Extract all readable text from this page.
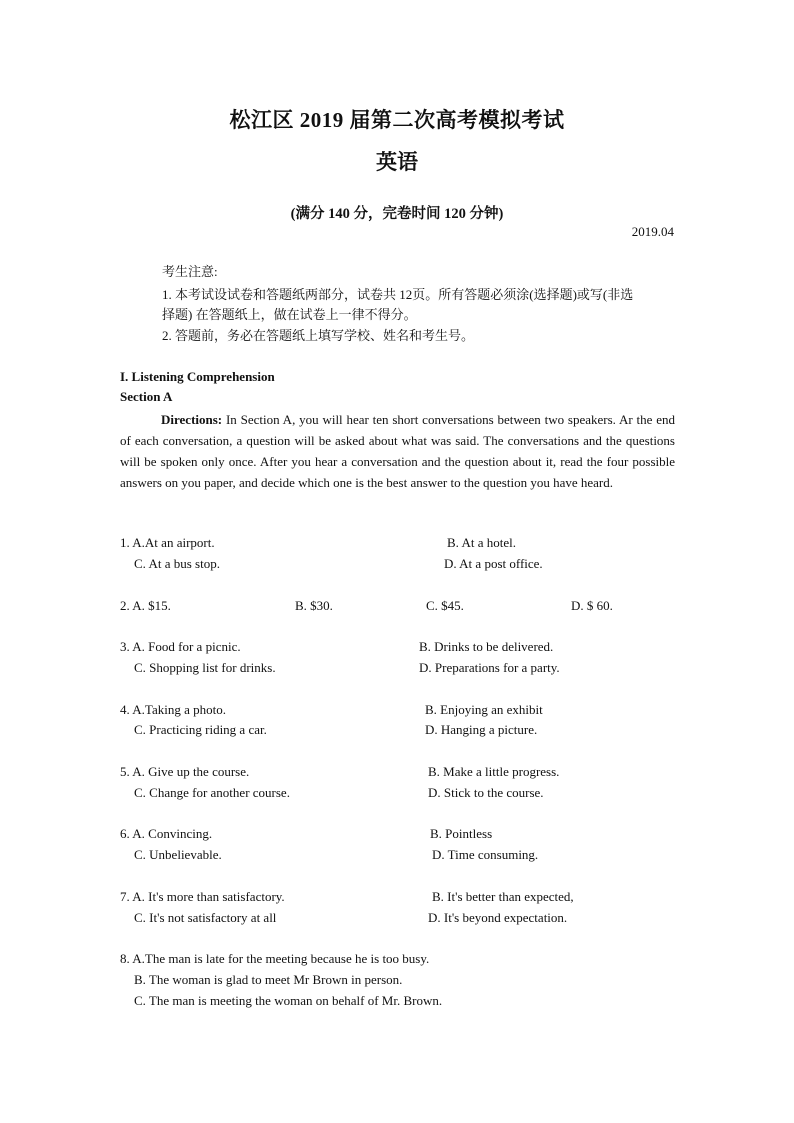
松江区 2019 届第二次高考模拟考试
英语
(满分 140 分，完卷时间 120 分钟)
2019.04
考生注意:
1. 本考试设试卷和答题纸两部分，试卷共 12页。所有答题必须涂(选择题)或写(非选
择题) 在答题纸上，做在试卷上一律不得分。
2. 答题前，务必在答题纸上填写学校、姓名和考生号。
I. Listening Comprehension
Section A
Directions: In Section A, you will hear ten short conversations between two speakers. Ar the end of each conversation, a question will be asked about what was said. The conversations and the questions will be spoken only once. After you hear a conversation and the question about it, read the four possible answers on you paper, and decide which one is the best answer to the question you have heard.
1. A.At an airport.	B. At a hotel.
C. At a bus stop.	D. At a post office.
2. A. $15.	B. $30.	C. $45.	D. $ 60.
3. A. Food for a picnic.	B. Drinks to be delivered.
C. Shopping list for drinks.	D. Preparations for a party.
4. A.Taking a photo.	B. Enjoying an exhibit
C. Practicing riding a car.	D. Hanging a picture.
5. A. Give up the course.	B. Make a little progress.
C. Change for another course.	D. Stick to the course.
6. A. Convincing.	B. Pointless
C. Unbelievable.	D. Time consuming.
7. A. It's more than satisfactory.	B. It's better than expected,
C. It's not satisfactory at all	D. It's beyond expectation.
8. A.The man is late for the meeting because he is too busy.
B. The woman is glad to meet Mr Brown in person.
C. The man is meeting the woman on behalf of Mr. Brown.
